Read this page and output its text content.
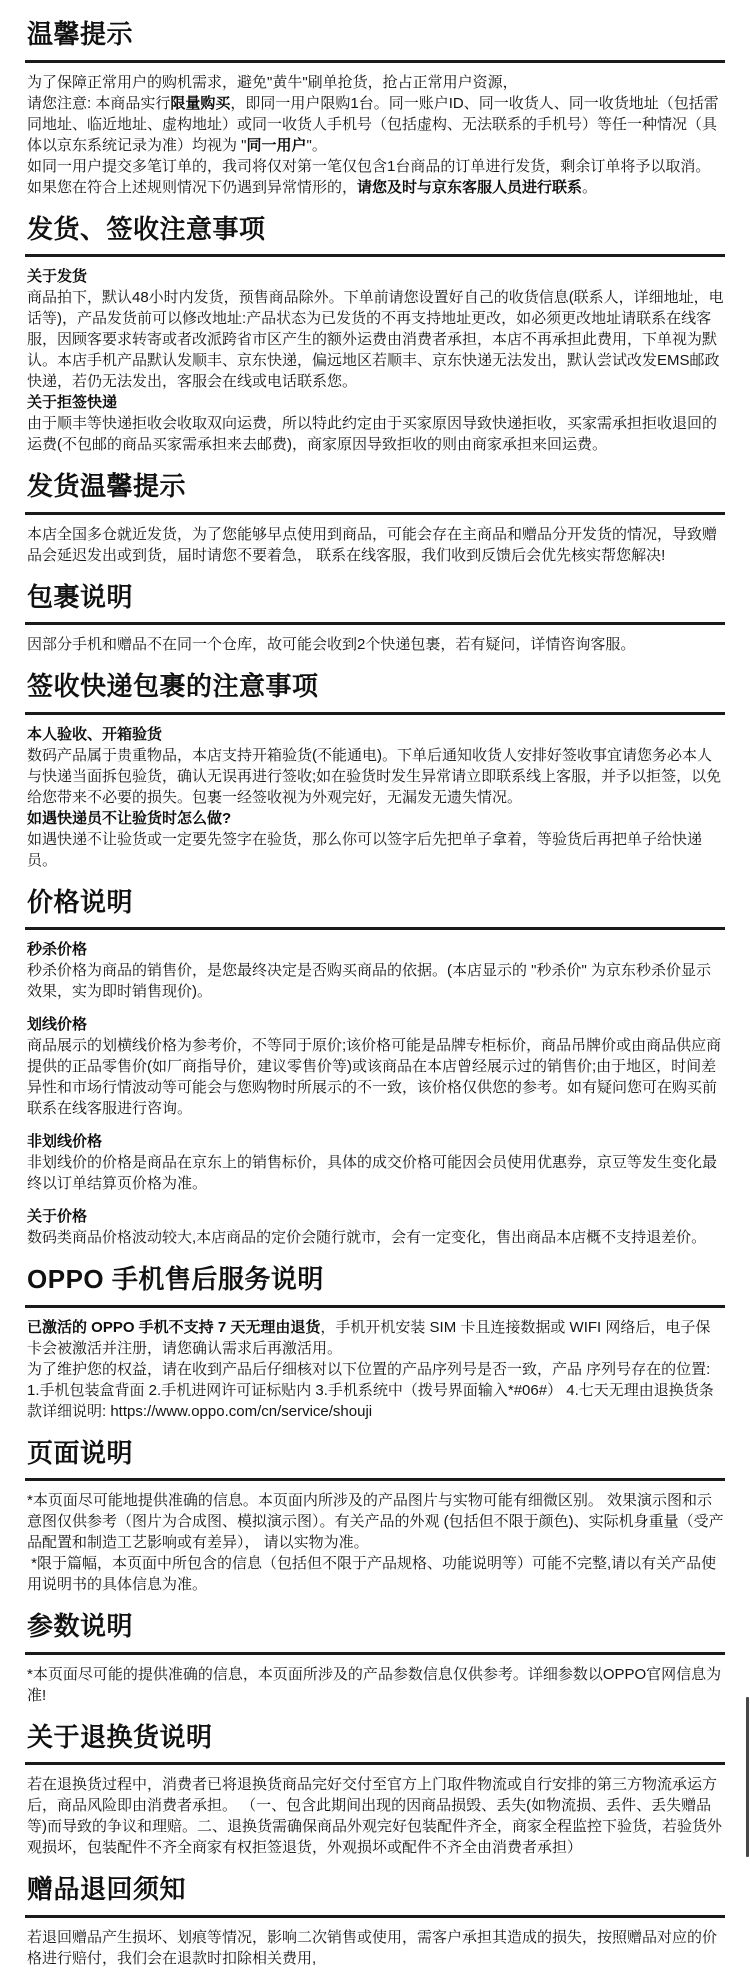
温馨提示

为了保障正常用户的购机需求，避免"黄牛"刷单抢货，抢占正常用户资源，

请您注意: 本商品实行限量购买，即同一用户限购1台。同一账户ID、同一收货人、同一收货地址（包括雷同地址、临近地址、虚构地址）或同一收货人手机号（包括虚构、无法联系的手机号）等任一种情况（具体以京东系统记录为准）均视为 "同一用户"。

如同一用户提交多笔订单的，我司将仅对第一笔仅包含1台商品的订单进行发货，剩余订单将予以取消。

如果您在符合上述规则情况下仍遇到异常情形的，请您及时与京东客服人员进行联系。

发货、签收注意事项

关于发货

商品拍下，默认48小时内发货，预售商品除外。下单前请您设置好自己的收货信息(联系人，详细地址，电话等)，产品发货前可以修改地址:产品状态为已发货的不再支持地址更改，如必须更改地址请联系在线客服，因顾客要求转寄或者改派跨省市区产生的额外运费由消费者承担，本店不再承担此费用，下单视为默认。本店手机产品默认发顺丰、京东快递，偏远地区若顺丰、京东快递无法发出，默认尝试改发EMS邮政快递，若仍无法发出，客服会在线或电话联系您。

关于拒签快递

由于顺丰等快递拒收会收取双向运费，所以特此约定由于买家原因导致快递拒收，买家需承担拒收退回的运费(不包邮的商品买家需承担来去邮费)，商家原因导致拒收的则由商家承担来回运费。

发货温馨提示

本店全国多仓就近发货，为了您能够早点使用到商品，可能会存在主商品和赠品分开发货的情况，导致赠品会延迟发出或到货，届时请您不要着急， 联系在线客服，我们收到反馈后会优先核实帮您解决!

包裹说明

因部分手机和赠品不在同一个仓库，故可能会收到2个快递包裹，若有疑问，详情咨询客服。

签收快递包裹的注意事项

本人验收、开箱验货

数码产品属于贵重物品，本店支持开箱验货(不能通电)。下单后通知收货人安排好签收事宜请您务必本人与快递当面拆包验货，确认无误再进行签收;如在验货时发生异常请立即联系线上客服，并予以拒签，以免给您带来不必要的损失。包裹一经签收视为外观完好，无漏发无遗失情况。

如遇快递员不让验货时怎么做?

如遇快递不让验货或一定要先签字在验货，那么你可以签字后先把单子拿着，等验货后再把单子给快递员。

价格说明

秒杀价格

秒杀价格为商品的销售价，是您最终决定是否购买商品的依据。(本店显示的 "秒杀价" 为京东秒杀价显示效果，实为即时销售现价)。

划线价格

商品展示的划横线价格为参考价，不等同于原价;该价格可能是品牌专柜标价，商品吊牌价或由商品供应商提供的正品零售价(如厂商指导价，建议零售价等)或该商品在本店曾经展示过的销售价;由于地区，时间差异性和市场行情波动等可能会与您购物时所展示的不一致，该价格仅供您的参考。如有疑问您可在购买前联系在线客服进行咨询。

非划线价格

非划线价的价格是商品在京东上的销售标价，具体的成交价格可能因会员使用优惠券，京豆等发生变化最终以订单结算页价格为准。

关于价格

数码类商品价格波动较大,本店商品的定价会随行就市，会有一定变化，售出商品本店概不支持退差价。

OPPO 手机售后服务说明

已激活的 OPPO 手机不支持 7 天无理由退货，手机开机安装 SIM 卡且连接数据或 WIFI 网络后，电子保卡会被激活并注册，请您确认需求后再激活用。

为了维护您的权益，请在收到产品后仔细核对以下位置的产品序列号是否一致，产品 序列号存在的位置:

1.手机包装盒背面 2.手机进网许可证标贴内 3.手机系统中（拨号界面输入*#06#） 4.七天无理由退换货条款详细说明: https://www.oppo.com/cn/service/shouji

页面说明

*本页面尽可能地提供准确的信息。本页面内所涉及的产品图片与实物可能有细微区别。 效果演示图和示意图仅供参考（图片为合成图、模拟演示图）。有关产品的外观 (包括但不限于颜色)、实际机身重量（受产品配置和制造工艺影响或有差异）， 请以实物为准。

*限于篇幅，本页面中所包含的信息（包括但不限于产品规格、功能说明等）可能不完整,请以有关产品使用说明书的具体信息为准。

参数说明

*本页面尽可能的提供准确的信息，本页面所涉及的产品参数信息仅供参考。详细参数以OPPO官网信息为准!

关于退换货说明

若在退换货过程中，消费者已将退换货商品完好交付至官方上门取件物流或自行安排的第三方物流承运方后，商品风险即由消费者承担。 （一、包含此期间出现的因商品损毁、丢失(如物流损、丢件、丢失赠品等)而导致的争议和理赔。二、退换货需确保商品外观完好包装配件齐全，商家全程监控下验货，若验货外观损坏，包装配件不齐全商家有权拒签退货，外观损坏或配件不齐全由消费者承担）

赠品退回须知

若退回赠品产生损坏、划痕等情况，影响二次销售或使用，需客户承担其造成的损失，按照赠品对应的价格进行赔付，我们会在退款时扣除相关费用,
